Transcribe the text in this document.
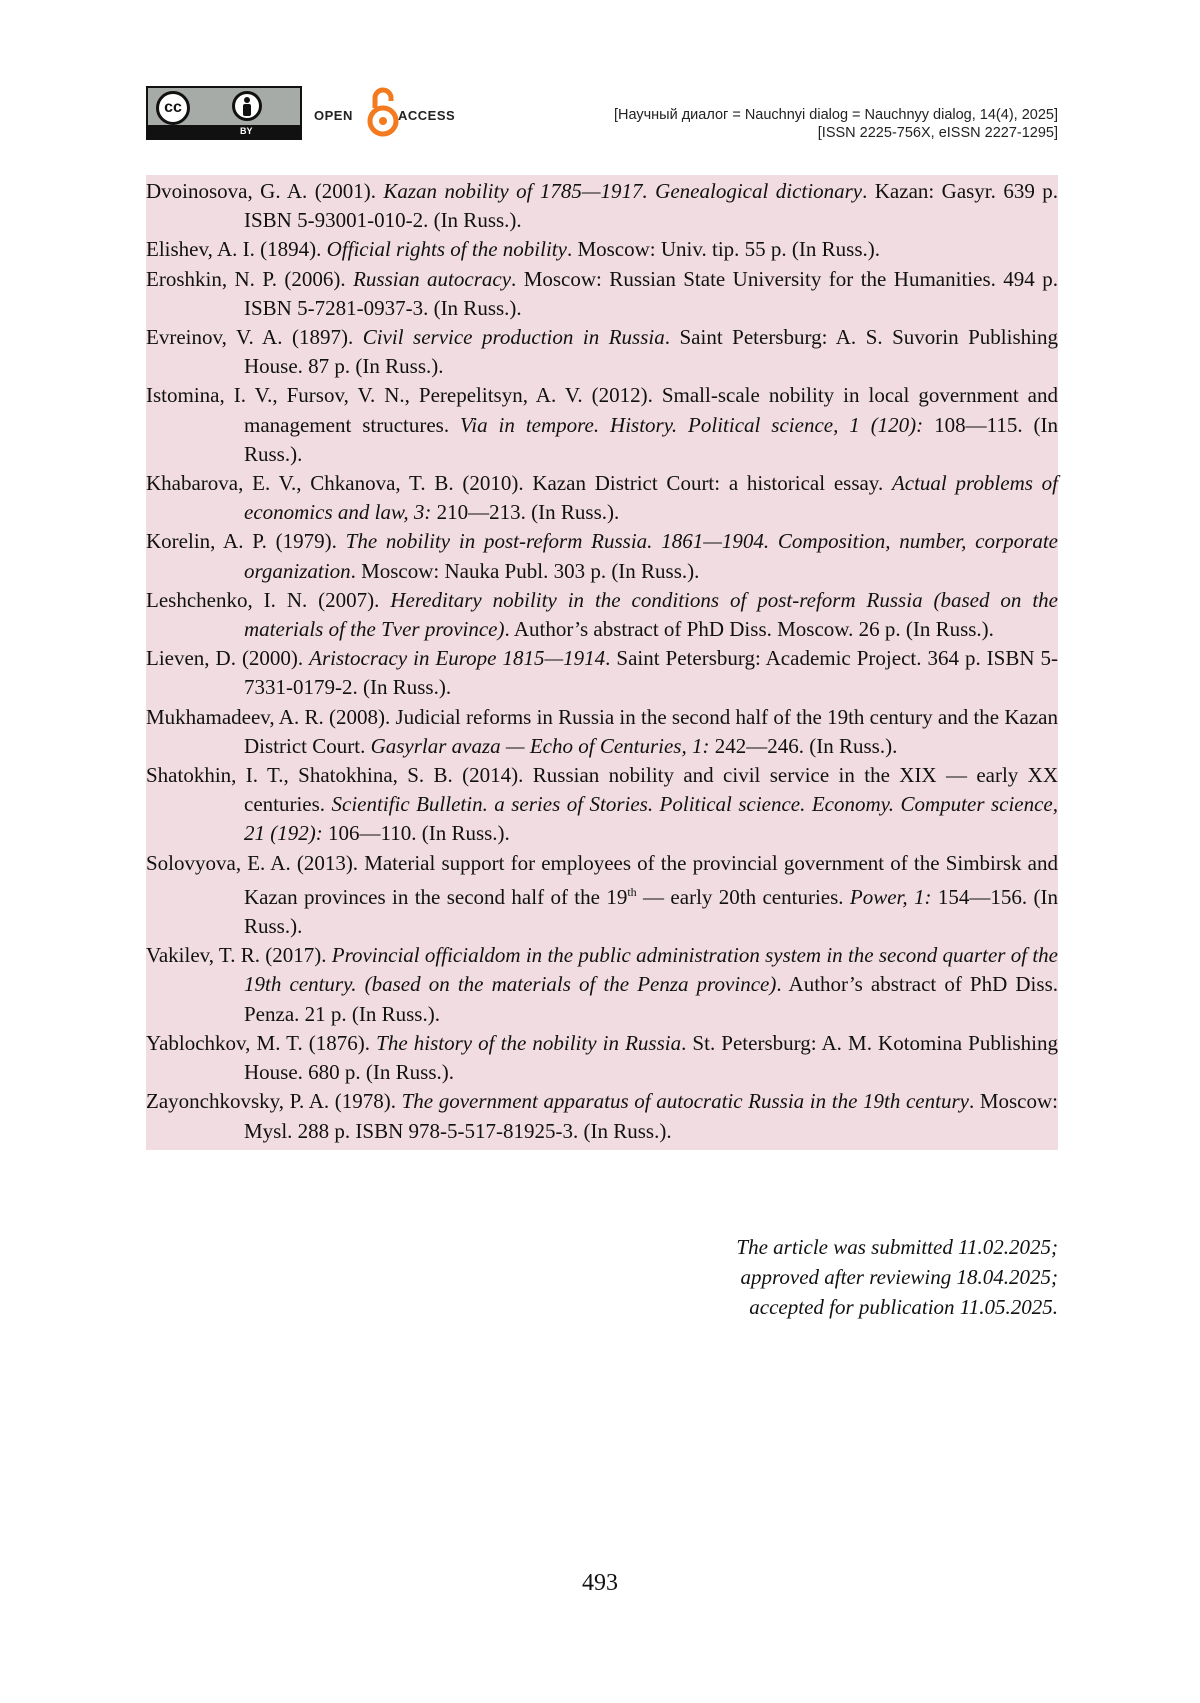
cc
BY
OPEN	ACCESS	[Научный диалог = Nauchnyi dialog = Nauchnyy dialog, 14(4), 2025]
[ISSN 2225-756X, eISSN 2227-1295]

Dvoinosova, G. A. (2001). Kazan nobility of 1785—1917. Genealogical dictionary. Kazan: Gasyr. 639 p. ISBN 5-93001-010-2. (In Russ.).

Elishev, A. I. (1894). Official rights of the nobility. Moscow: Univ. tip. 55 p. (In Russ.).

Eroshkin, N. P. (2006). Russian autocracy. Moscow: Russian State University for the Humanities. 494 p. ISBN 5-7281-0937-3. (In Russ.).

Evreinov, V. A. (1897). Civil service production in Russia. Saint Petersburg: A. S. Suvorin Publishing House. 87 p. (In Russ.).

Istomina, I. V., Fursov, V. N., Perepelitsyn, A. V. (2012). Small-scale nobility in local government and management structures. Via in tempore. History. Political science, 1 (120): 108—115. (In Russ.).

Khabarova, E. V., Chkanova, T. B. (2010). Kazan District Court: a historical essay. Actual problems of economics and law, 3: 210—213. (In Russ.).

Korelin, A. P. (1979). The nobility in post-reform Russia. 1861—1904. Composition, number, corporate organization. Moscow: Nauka Publ. 303 p. (In Russ.).

Leshchenko, I. N. (2007). Hereditary nobility in the conditions of post-reform Russia (based on the materials of the Tver province). Author’s abstract of PhD Diss. Moscow. 26 p. (In Russ.).

Lieven, D. (2000). Aristocracy in Europe 1815—1914. Saint Petersburg: Academic Project. 364 p. ISBN 5-7331-0179-2. (In Russ.).

Mukhamadeev, A. R. (2008). Judicial reforms in Russia in the second half of the 19th century and the Kazan District Court. Gasyrlar avaza — Echo of Centuries, 1: 242—246. (In Russ.).

Shatokhin, I. T., Shatokhina, S. B. (2014). Russian nobility and civil service in the XIX — early XX centuries. Scientific Bulletin. a series of Stories. Political science. Economy. Computer science, 21 (192): 106—110. (In Russ.).

Solovyova, E. A. (2013). Material support for employees of the provincial government of the Simbirsk and Kazan provinces in the second half of the 19th — early 20th centuries. Power, 1: 154—156. (In Russ.).

Vakilev, T. R. (2017). Provincial officialdom in the public administration system in the second quarter of the 19th century. (based on the materials of the Penza province). Author’s abstract of PhD Diss. Penza. 21 p. (In Russ.).

Yablochkov, M. T. (1876). The history of the nobility in Russia. St. Petersburg: A. M. Kotomina Publishing House. 680 p. (In Russ.).

Zayonchkovsky, P. A. (1978). The government apparatus of autocratic Russia in the 19th century. Moscow: Mysl. 288 p. ISBN 978-5-517-81925-3. (In Russ.).

The article was submitted 11.02.2025;
approved after reviewing 18.04.2025;
accepted for publication 11.05.2025.
493
